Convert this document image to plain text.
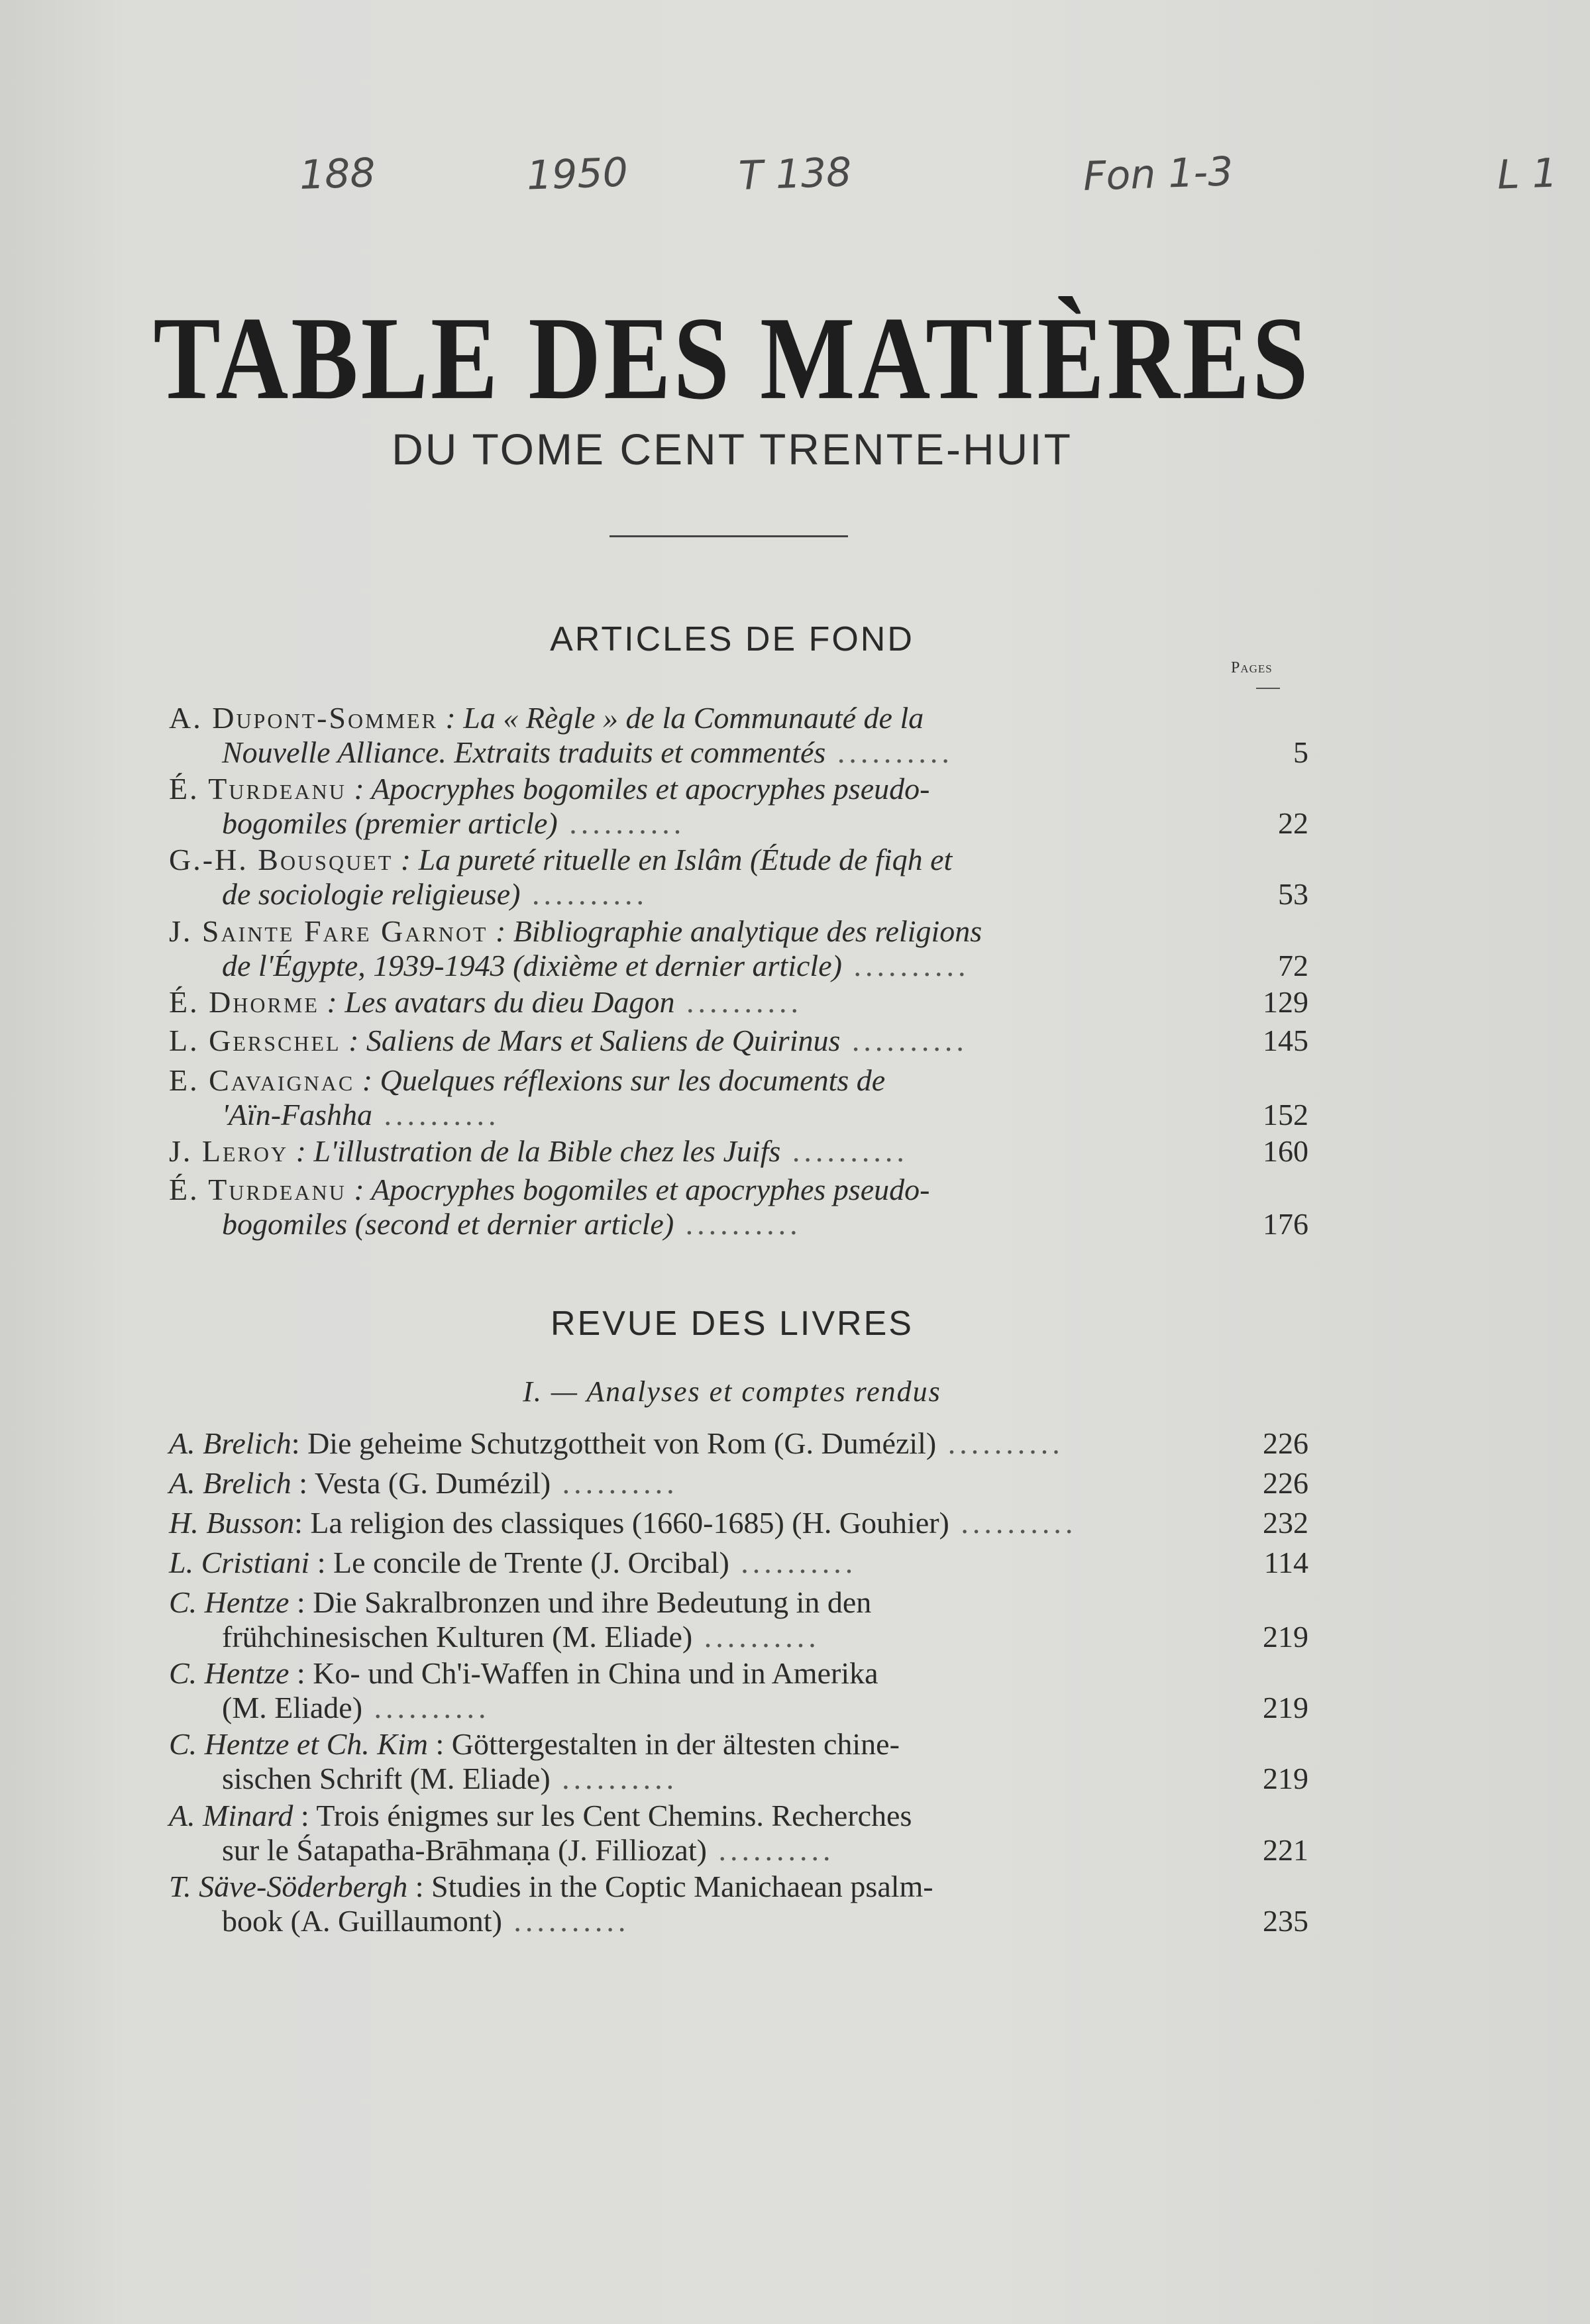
188	1950	T 138	Fon 1-3	L 1
TABLE DES MATIÈRES
DU TOME CENT TRENTE-HUIT
ARTICLES DE FOND
Pages
A. Dupont-Sommer : La « Règle » de la Communauté de la
Nouvelle Alliance. Extraits traduits et commentés ..........	5
É. Turdeanu : Apocryphes bogomiles et apocryphes pseudo-
bogomiles (premier article) ..........	22
G.-H. Bousquet : La pureté rituelle en Islâm (Étude de fiqh et
de sociologie religieuse) ..........	53
J. Sainte Fare Garnot : Bibliographie analytique des religions
de l'Égypte, 1939-1943 (dixième et dernier article) ..........	72
É. Dhorme : Les avatars du dieu Dagon ..........	129
L. Gerschel : Saliens de Mars et Saliens de Quirinus ..........	145
E. Cavaignac : Quelques réflexions sur les documents de
'Aïn-Fashha ..........	152
J. Leroy : L'illustration de la Bible chez les Juifs ..........	160
É. Turdeanu : Apocryphes bogomiles et apocryphes pseudo-
bogomiles (second et dernier article) ..........	176
REVUE DES LIVRES
I. — Analyses et comptes rendus
A. Brelich: Die geheime Schutzgottheit von Rom (G. Dumézil) ..........	226
A. Brelich : Vesta (G. Dumézil) ..........	226
H. Busson: La religion des classiques (1660-1685) (H. Gouhier) ..........	232
L. Cristiani : Le concile de Trente (J. Orcibal) ..........	114
C. Hentze : Die Sakralbronzen und ihre Bedeutung in den
frühchinesischen Kulturen (M. Eliade) ..........	219
C. Hentze : Ko- und Ch'i-Waffen in China und in Amerika
(M. Eliade) ..........	219
C. Hentze et Ch. Kim : Göttergestalten in der ältesten chine-
sischen Schrift (M. Eliade) ..........	219
A. Minard : Trois énigmes sur les Cent Chemins. Recherches
sur le Śatapatha-Brāhmaṇa (J. Filliozat) ..........	221
T. Säve-Söderbergh : Studies in the Coptic Manichaean psalm-
book (A. Guillaumont) ..........	235
